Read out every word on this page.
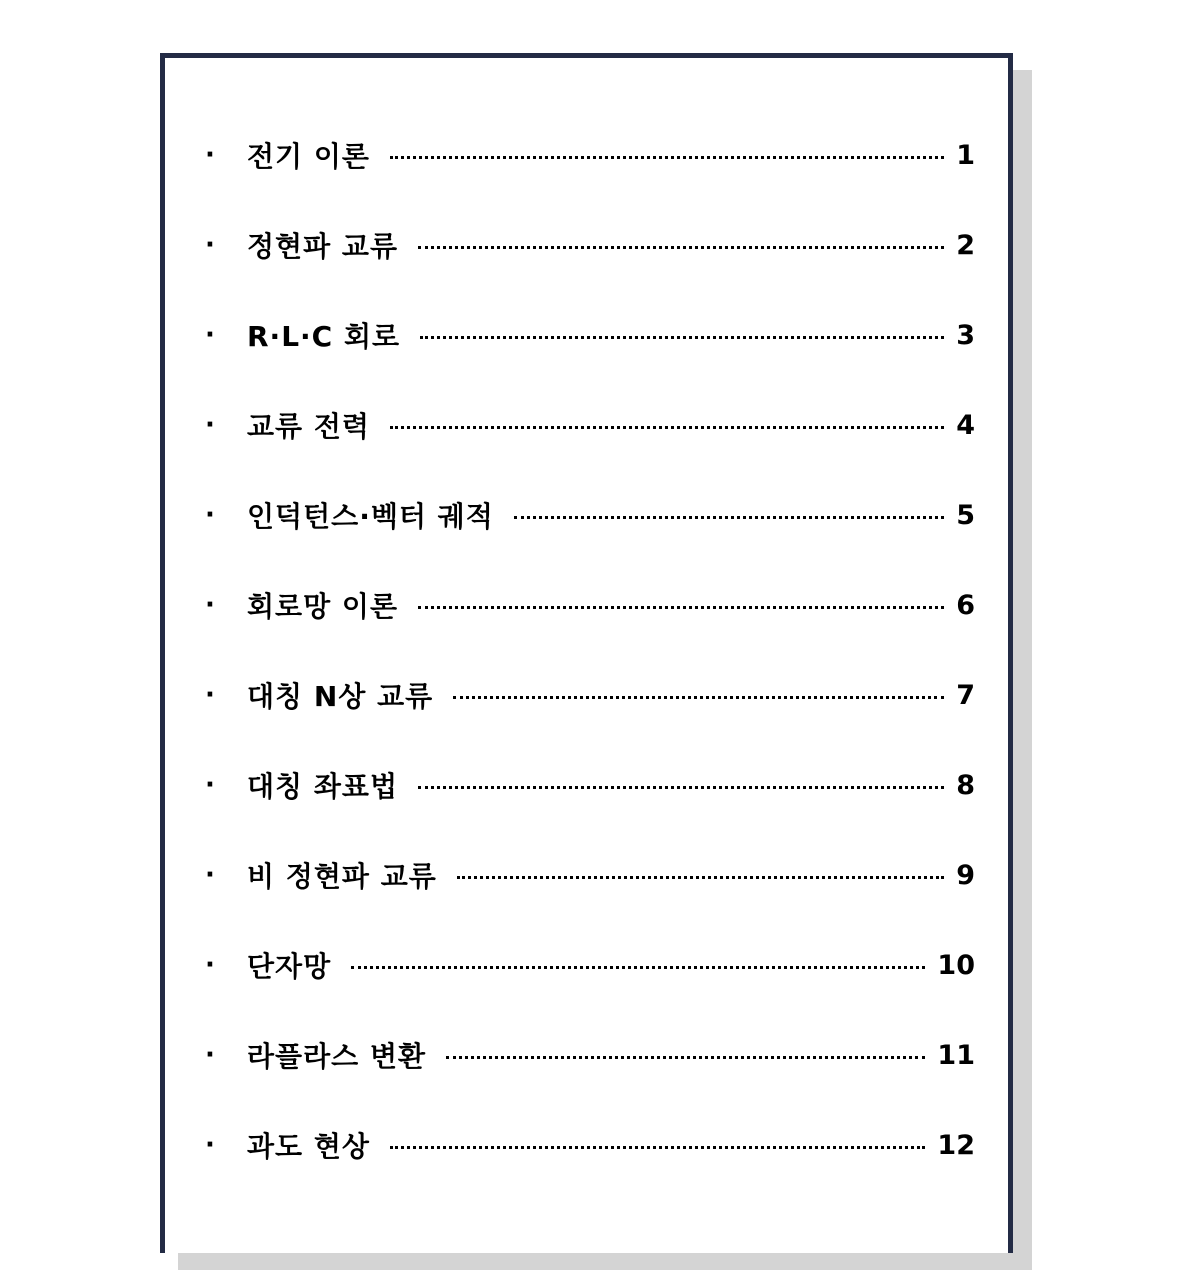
·	전기 이론	1
·	정현파 교류	2
·	R·L·C 회로	3
·	교류 전력	4
·	인덕턴스·벡터 궤적	5
·	회로망 이론	6
·	대칭 N상 교류	7
·	대칭 좌표법	8
·	비 정현파 교류	9
·	단자망	10
·	라플라스 변환	11
·	과도 현상	12
